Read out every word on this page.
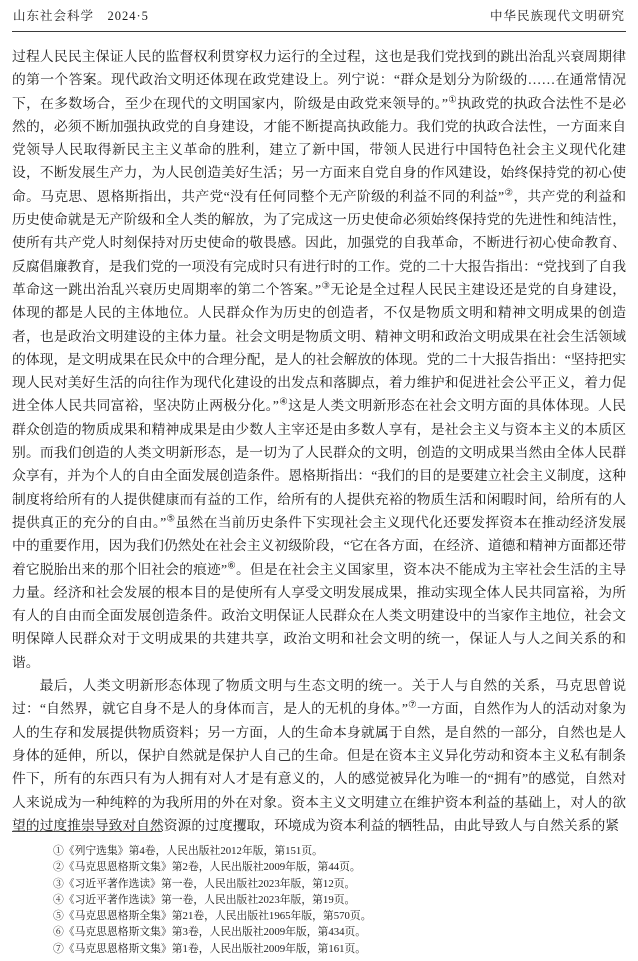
山东社会科学　2024·5	中华民族现代文明研究

过程人民民主保证人民的监督权利贯穿权力运行的全过程，这也是我们党找到的跳出治乱兴衰周期律的第一个答案。现代政治文明还体现在政党建设上。列宁说：“群众是划分为阶级的……在通常情况下，在多数场合，至少在现代的文明国家内，阶级是由政党来领导的。”①执政党的执政合法性不是必然的，必须不断加强执政党的自身建设，才能不断提高执政能力。我们党的执政合法性，一方面来自党领导人民取得新民主主义革命的胜利，建立了新中国，带领人民进行中国特色社会主义现代化建设，不断发展生产力，为人民创造美好生活；另一方面来自党自身的作风建设，始终保持党的初心使命。马克思、恩格斯指出，共产党“没有任何同整个无产阶级的利益不同的利益”②，共产党的利益和历史使命就是无产阶级和全人类的解放，为了完成这一历史使命必须始终保持党的先进性和纯洁性，使所有共产党人时刻保持对历史使命的敬畏感。因此，加强党的自我革命，不断进行初心使命教育、反腐倡廉教育，是我们党的一项没有完成时只有进行时的工作。党的二十大报告指出：“党找到了自我革命这一跳出治乱兴衰历史周期率的第二个答案。”③无论是全过程人民民主建设还是党的自身建设，体现的都是人民的主体地位。人民群众作为历史的创造者，不仅是物质文明和精神文明成果的创造者，也是政治文明建设的主体力量。社会文明是物质文明、精神文明和政治文明成果在社会生活领域的体现，是文明成果在民众中的合理分配，是人的社会解放的体现。党的二十大报告指出：“坚持把实现人民对美好生活的向往作为现代化建设的出发点和落脚点，着力维护和促进社会公平正义，着力促进全体人民共同富裕，坚决防止两极分化。”④这是人类文明新形态在社会文明方面的具体体现。人民群众创造的物质成果和精神成果是由少数人主宰还是由多数人享有，是社会主义与资本主义的本质区别。而我们创造的人类文明新形态，是一切为了人民群众的文明，创造的文明成果当然由全体人民群众享有，并为个人的自由全面发展创造条件。恩格斯指出：“我们的目的是要建立社会主义制度，这种制度将给所有的人提供健康而有益的工作，给所有的人提供充裕的物质生活和闲暇时间，给所有的人提供真正的充分的自由。”⑤虽然在当前历史条件下实现社会主义现代化还要发挥资本在推动经济发展中的重要作用，因为我们仍然处在社会主义初级阶段，“它在各方面，在经济、道德和精神方面都还带着它脱胎出来的那个旧社会的痕迹”⑥。但是在社会主义国家里，资本决不能成为主宰社会生活的主导力量。经济和社会发展的根本目的是使所有人享受文明发展成果，推动实现全体人民共同富裕，为所有人的自由而全面发展创造条件。政治文明保证人民群众在人类文明建设中的当家作主地位，社会文明保障人民群众对于文明成果的共建共享，政治文明和社会文明的统一，保证人与人之间关系的和谐。

最后，人类文明新形态体现了物质文明与生态文明的统一。关于人与自然的关系，马克思曾说过：“自然界，就它自身不是人的身体而言，是人的无机的身体。”⑦一方面，自然作为人的活动对象为人的生存和发展提供物质资料；另一方面，人的生命本身就属于自然，是自然的一部分，自然也是人身体的延伸，所以，保护自然就是保护人自己的生命。但是在资本主义异化劳动和资本主义私有制条件下，所有的东西只有为人拥有对人才是有意义的，人的感觉被异化为唯一的“拥有”的感觉，自然对人来说成为一种纯粹的为我所用的外在对象。资本主义文明建立在维护资本利益的基础上，对人的欲望的过度推崇导致对自然资源的过度攫取，环境成为资本利益的牺牲品，由此导致人与自然关系的紧

①《列宁选集》第4卷，人民出版社2012年版，第151页。
②《马克思恩格斯文集》第2卷，人民出版社2009年版，第44页。
③《习近平著作选读》第一卷，人民出版社2023年版，第12页。
④《习近平著作选读》第一卷，人民出版社2023年版，第19页。
⑤《马克思恩格斯全集》第21卷，人民出版社1965年版，第570页。
⑥《马克思恩格斯文集》第3卷，人民出版社2009年版，第434页。
⑦《马克思恩格斯文集》第1卷，人民出版社2009年版，第161页。
